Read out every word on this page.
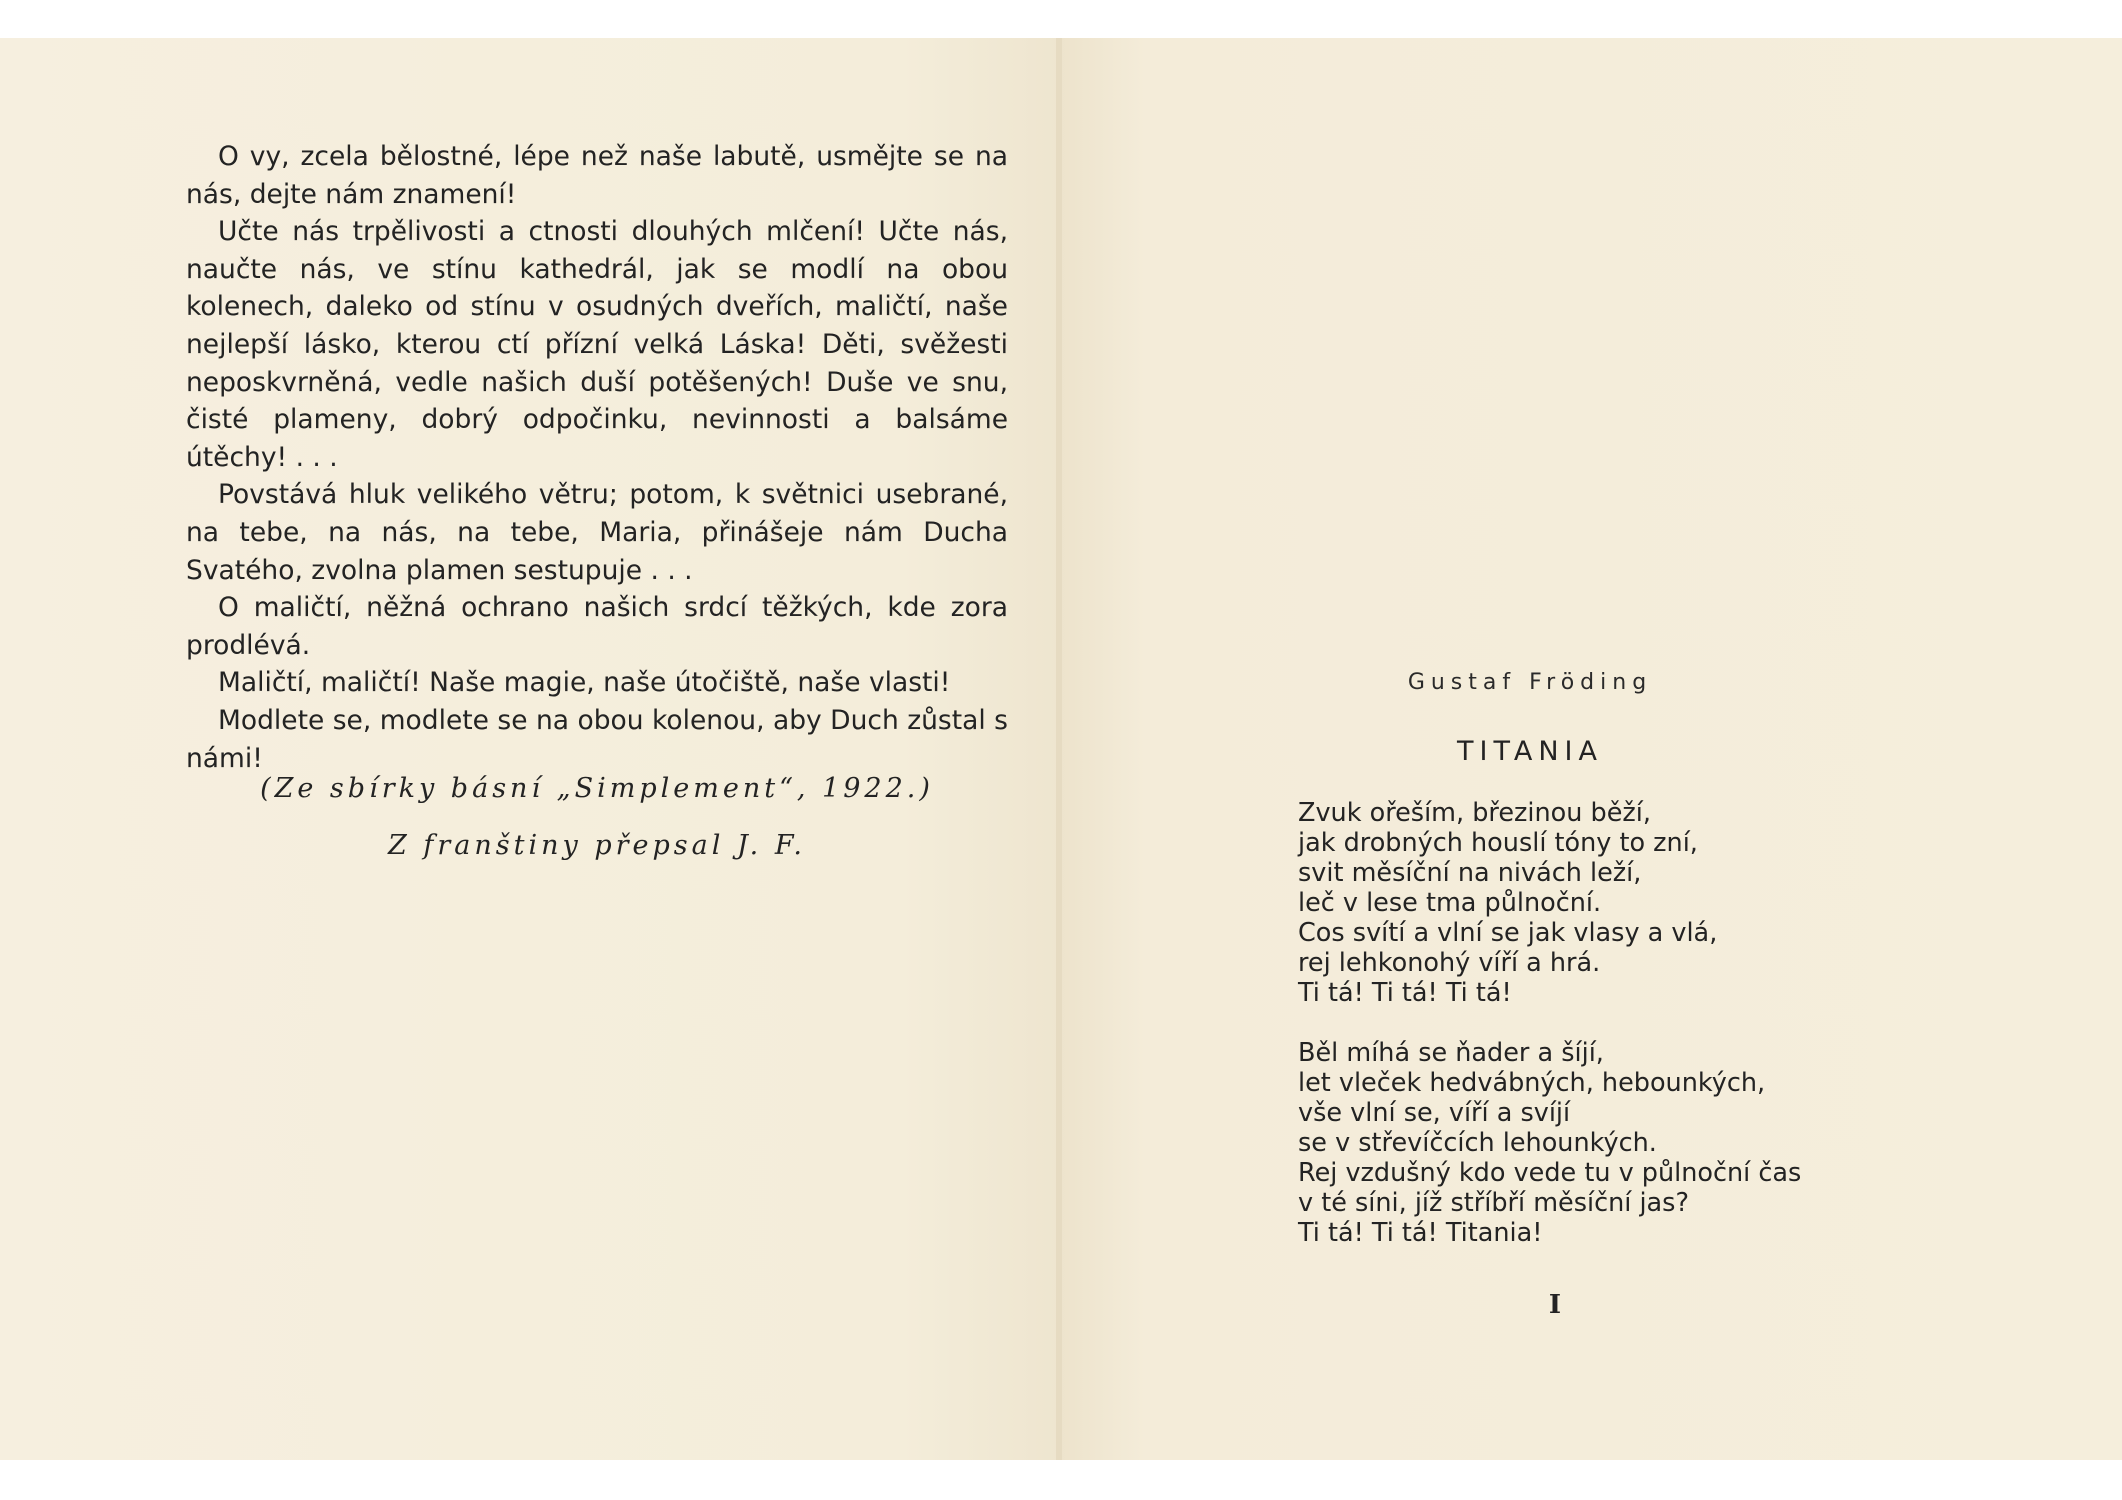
O vy, zcela bělostné, lépe než naše labutě, usmějte se na nás, dejte nám znamení!

Učte nás trpělivosti a ctnosti dlouhých mlčení! Učte nás, naučte nás, ve stínu kathedrál, jak se modlí na obou kolenech, daleko od stínu v osudných dveřích, maličtí, naše nejlepší lásko, kterou ctí přízní velká Láska! Děti, svěžesti neposkvrněná, vedle našich duší potěšených! Duše ve snu, čisté plameny, dobrý odpočinku, nevinnosti a balsáme útěchy! . . .

Povstává hluk velikého větru; potom, k světnici usebrané, na tebe, na nás, na tebe, Maria, přinášeje nám Ducha Svatého, zvolna plamen sestupuje . . .

O maličtí, něžná ochrano našich srdcí těžkých, kde zora prodlévá.

Maličtí, maličtí! Naše magie, naše útočiště, naše vlasti!

Modlete se, modlete se na obou kolenou, aby Duch zůstal s námi!

(Ze sbírky básní „Simplement“, 1922.)
Z franštiny přepsal J. F.
Gustaf Fröding
TITANIA
Zvuk ořeším, březinou běží,
jak drobných houslí tóny to zní,
svit měsíční na nivách leží,
leč v lese tma půlnoční.
Cos svítí a vlní se jak vlasy a vlá,
rej lehkonohý víří a hrá.
Ti tá! Ti tá! Ti tá!
Běl míhá se ňader a šíjí,
let vleček hedvábných, hebounkých,
vše vlní se, víří a svíjí
se v střevíčcích lehounkých.
Rej vzdušný kdo vede tu v půlnoční čas
v té síni, jíž stříbří měsíční jas?
Ti tá! Ti tá! Titania!
I
